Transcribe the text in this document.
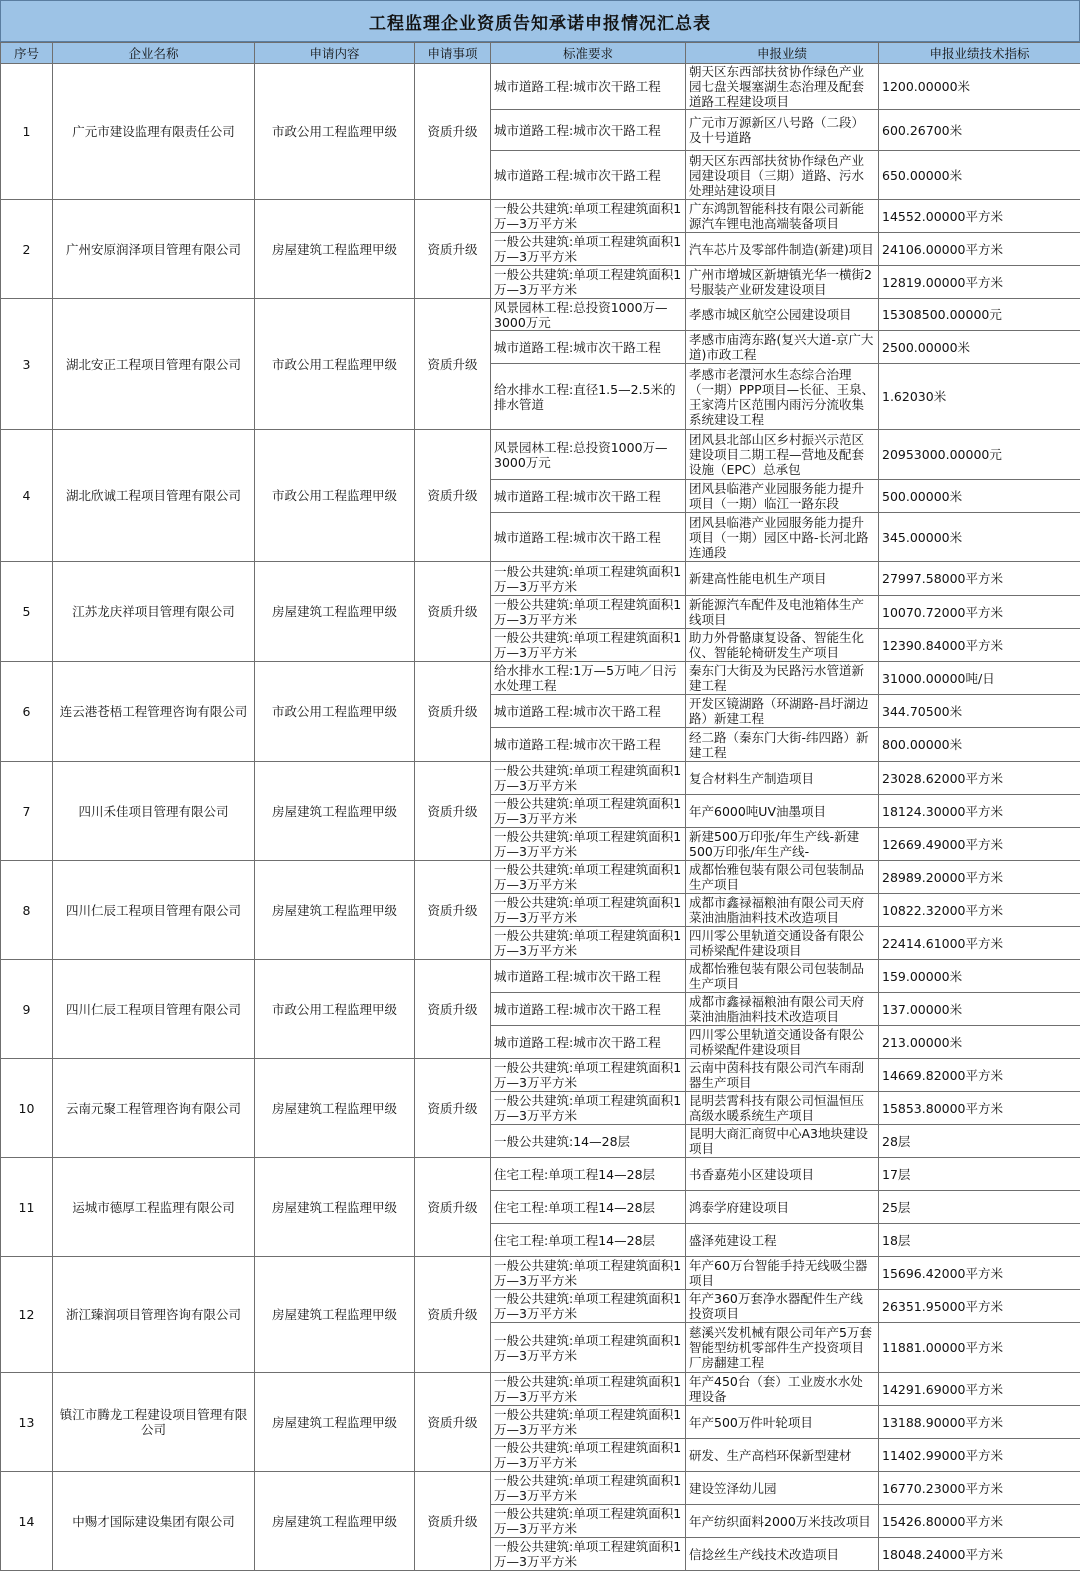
工程监理企业资质告知承诺申报情况汇总表
序号	企业名称	申请内容	申请事项	标准要求	申报业绩	申报业绩技术指标
1	广元市建设监理有限责任公司	市政公用工程监理甲级	资质升级	城市道路工程:城市次干路工程	朝天区东西部扶贫协作绿色产业园七盘关堰塞湖生态治理及配套道路工程建设项目	1200.00000米
				城市道路工程:城市次干路工程	广元市万源新区八号路（二段）及十号道路	600.26700米
				城市道路工程:城市次干路工程	朝天区东西部扶贫协作绿色产业园建设项目（三期）道路、污水处理站建设项目	650.00000米
2	广州安原润泽项目管理有限公司	房屋建筑工程监理甲级	资质升级	一般公共建筑:单项工程建筑面积1万—3万平方米	广东鸿凯智能科技有限公司新能源汽车锂电池高端装备项目	14552.00000平方米
				一般公共建筑:单项工程建筑面积1万—3万平方米	汽车芯片及零部件制造(新建)项目	24106.00000平方米
				一般公共建筑:单项工程建筑面积1万—3万平方米	广州市增城区新塘镇光华一横街2号服装产业研发建设项目	12819.00000平方米
3	湖北安正工程项目管理有限公司	市政公用工程监理甲级	资质升级	风景园林工程:总投资1000万—3000万元	孝感市城区航空公园建设项目	15308500.00000元
				城市道路工程:城市次干路工程	孝感市庙湾东路(复兴大道-京广大道)市政工程	2500.00000米
				给水排水工程:直径1.5—2.5米的排水管道	孝感市老澴河水生态综合治理（一期）PPP项目—长征、王泉、王家湾片区范围内雨污分流收集系统建设工程	1.62030米
4	湖北欣诚工程项目管理有限公司	市政公用工程监理甲级	资质升级	风景园林工程:总投资1000万—3000万元	团风县北部山区乡村振兴示范区建设项目二期工程—营地及配套设施（EPC）总承包	20953000.00000元
				城市道路工程:城市次干路工程	团风县临港产业园服务能力提升项目（一期）临江一路东段	500.00000米
				城市道路工程:城市次干路工程	团风县临港产业园服务能力提升项目（一期）园区中路-长河北路连通段	345.00000米
5	江苏龙庆祥项目管理有限公司	房屋建筑工程监理甲级	资质升级	一般公共建筑:单项工程建筑面积1万—3万平方米	新建高性能电机生产项目	27997.58000平方米
				一般公共建筑:单项工程建筑面积1万—3万平方米	新能源汽车配件及电池箱体生产线项目	10070.72000平方米
				一般公共建筑:单项工程建筑面积1万—3万平方米	助力外骨骼康复设备、智能生化仪、智能轮椅研发生产项目	12390.84000平方米
6	连云港苍梧工程管理咨询有限公司	市政公用工程监理甲级	资质升级	给水排水工程:1万—5万吨／日污水处理工程	秦东门大街及为民路污水管道新建工程	31000.00000吨/日
				城市道路工程:城市次干路工程	开发区镜湖路（环湖路-昌圩湖边路）新建工程	344.70500米
				城市道路工程:城市次干路工程	经二路（秦东门大街-纬四路）新建工程	800.00000米
7	四川禾佳项目管理有限公司	房屋建筑工程监理甲级	资质升级	一般公共建筑:单项工程建筑面积1万—3万平方米	复合材料生产制造项目	23028.62000平方米
				一般公共建筑:单项工程建筑面积1万—3万平方米	年产6000吨UV油墨项目	18124.30000平方米
				一般公共建筑:单项工程建筑面积1万—3万平方米	新建500万印张/年生产线-新建500万印张/年生产线-	12669.49000平方米
8	四川仁辰工程项目管理有限公司	房屋建筑工程监理甲级	资质升级	一般公共建筑:单项工程建筑面积1万—3万平方米	成都怡雅包装有限公司包装制品生产项目	28989.20000平方米
				一般公共建筑:单项工程建筑面积1万—3万平方米	成都市鑫禄福粮油有限公司天府菜油油脂油料技术改造项目	10822.32000平方米
				一般公共建筑:单项工程建筑面积1万—3万平方米	四川零公里轨道交通设备有限公司桥梁配件建设项目	22414.61000平方米
9	四川仁辰工程项目管理有限公司	市政公用工程监理甲级	资质升级	城市道路工程:城市次干路工程	成都怡雅包装有限公司包装制品生产项目	159.00000米
				城市道路工程:城市次干路工程	成都市鑫禄福粮油有限公司天府菜油油脂油料技术改造项目	137.00000米
				城市道路工程:城市次干路工程	四川零公里轨道交通设备有限公司桥梁配件建设项目	213.00000米
10	云南元聚工程管理咨询有限公司	房屋建筑工程监理甲级	资质升级	一般公共建筑:单项工程建筑面积1万—3万平方米	云南中茵科技有限公司汽车雨刮器生产项目	14669.82000平方米
				一般公共建筑:单项工程建筑面积1万—3万平方米	昆明芸霄科技有限公司恒温恒压高级水暖系统生产项目	15853.80000平方米
				一般公共建筑:14—28层	昆明大商汇商贸中心A3地块建设项目	28层
11	运城市德厚工程监理有限公司	房屋建筑工程监理甲级	资质升级	住宅工程:单项工程14—28层	书香嘉苑小区建设项目	17层
				住宅工程:单项工程14—28层	鸿泰学府建设项目	25层
				住宅工程:单项工程14—28层	盛泽苑建设工程	18层
12	浙江臻润项目管理咨询有限公司	房屋建筑工程监理甲级	资质升级	一般公共建筑:单项工程建筑面积1万—3万平方米	年产60万台智能手持无线吸尘器项目	15696.42000平方米
				一般公共建筑:单项工程建筑面积1万—3万平方米	年产360万套净水器配件生产线投资项目	26351.95000平方米
				一般公共建筑:单项工程建筑面积1万—3万平方米	慈溪兴发机械有限公司年产5万套智能型纺机零部件生产投资项目厂房翻建工程	11881.00000平方米
13	镇江市腾龙工程建设项目管理有限公司	房屋建筑工程监理甲级	资质升级	一般公共建筑:单项工程建筑面积1万—3万平方米	年产450台（套）工业废水水处理设备	14291.69000平方米
				一般公共建筑:单项工程建筑面积1万—3万平方米	年产500万件叶轮项目	13188.90000平方米
				一般公共建筑:单项工程建筑面积1万—3万平方米	研发、生产高档环保新型建材	11402.99000平方米
14	中赐才国际建设集团有限公司	房屋建筑工程监理甲级	资质升级	一般公共建筑:单项工程建筑面积1万—3万平方米	建设笠泽幼儿园	16770.23000平方米
				一般公共建筑:单项工程建筑面积1万—3万平方米	年产纺织面料2000万米技改项目	15426.80000平方米
				一般公共建筑:单项工程建筑面积1万—3万平方米	信捻丝生产线技术改造项目	18048.24000平方米
